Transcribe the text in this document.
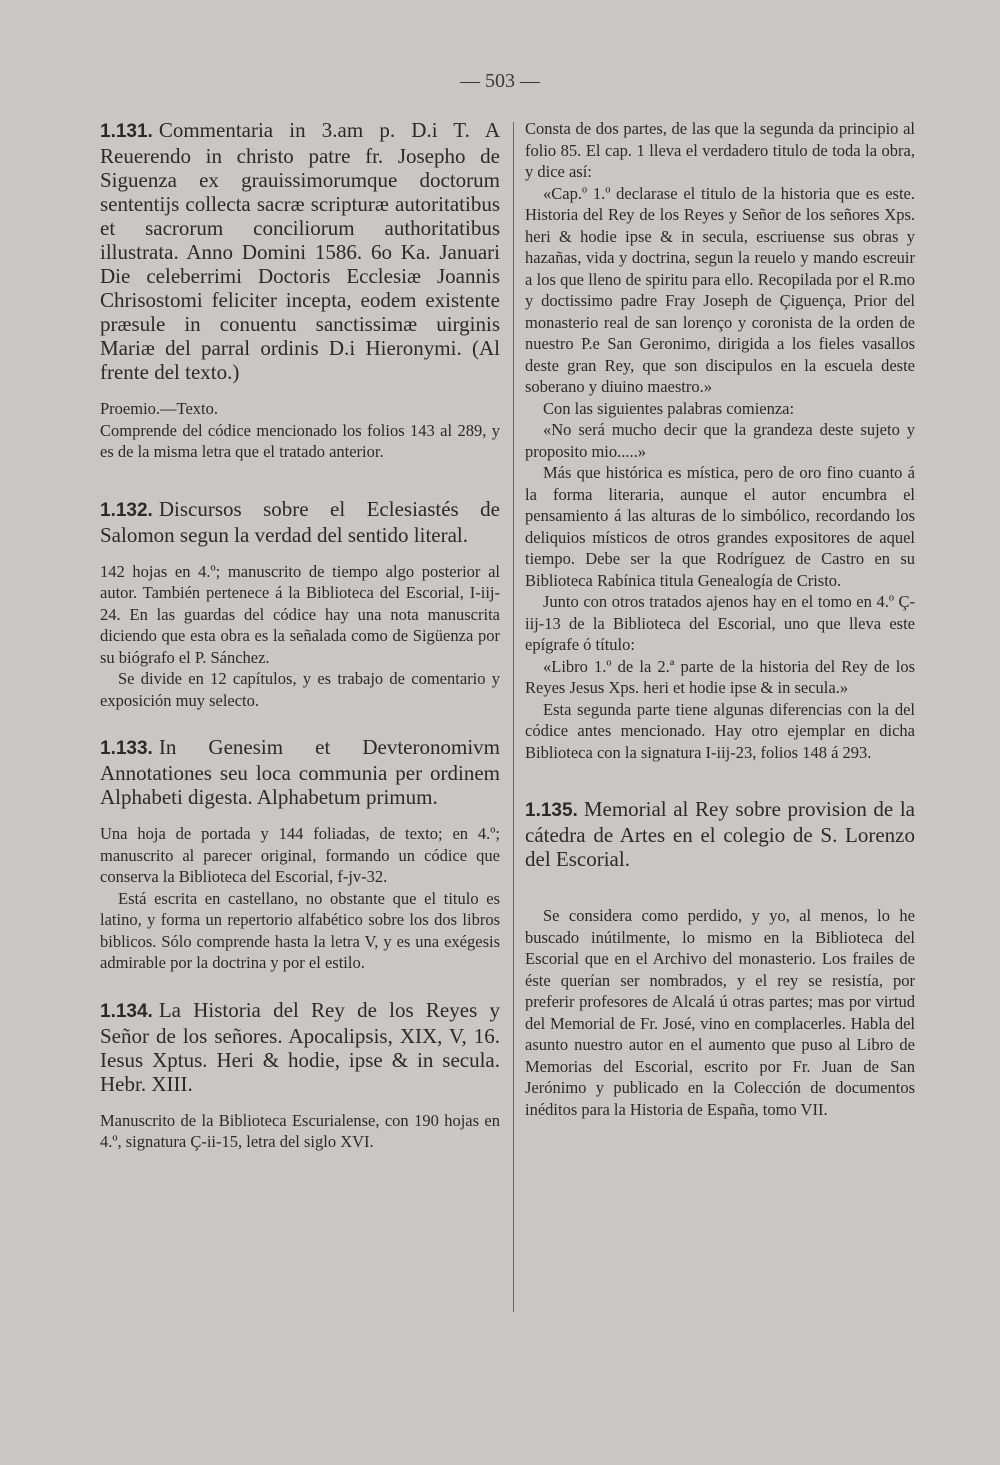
— 503 —

1.131. Commentaria in 3.am p. D.i T. A Reuerendo in christo patre fr. Josepho de Siguenza ex grauissimorumque doctorum sententijs collecta sacræ scripturæ autoritatibus et sacrorum conciliorum authoritatibus illustrata. Anno Domini 1586. 6o Ka. Januari Die celeberrimi Doctoris Ecclesiæ Joannis Chrisostomi feliciter incepta, eodem existente præsule in conuentu sanctissimæ uirginis Mariæ del parral ordinis D.i Hieronymi. (Al frente del texto.)

Proemio.—Texto.

Comprende del códice mencionado los folios 143 al 289, y es de la misma letra que el tratado anterior.

1.132. Discursos sobre el Eclesiastés de Salomon segun la verdad del sentido literal.

142 hojas en 4.º; manuscrito de tiempo algo posterior al autor. También pertenece á la Biblioteca del Escorial, I-iij-24. En las guardas del códice hay una nota manuscrita diciendo que esta obra es la señalada como de Sigüenza por su biógrafo el P. Sánchez.

Se divide en 12 capítulos, y es trabajo de comentario y exposición muy selecto.

1.133. In Genesim et Devteronomivm Annotationes seu loca communia per ordinem Alphabeti digesta. Alphabetum primum.

Una hoja de portada y 144 foliadas, de texto; en 4.º; manuscrito al parecer original, formando un códice que conserva la Biblioteca del Escorial, f-jv-32.

Está escrita en castellano, no obstante que el titulo es latino, y forma un repertorio alfabético sobre los dos libros biblicos. Sólo comprende hasta la letra V, y es una exégesis admirable por la doctrina y por el estilo.

1.134. La Historia del Rey de los Reyes y Señor de los señores. Apocalipsis, XIX, V, 16. Iesus Xptus. Heri & hodie, ipse & in secula. Hebr. XIII.

Manuscrito de la Biblioteca Escurialense, con 190 hojas en 4.º, signatura Ç-ii-15, letra del siglo XVI.

Consta de dos partes, de las que la segunda da principio al folio 85. El cap. 1 lleva el verdadero titulo de toda la obra, y dice así:

«Cap.º 1.º declarase el titulo de la historia que es este. Historia del Rey de los Reyes y Señor de los señores Xps. heri & hodie ipse & in secula, escriuense sus obras y hazañas, vida y doctrina, segun la reuelo y mando escreuir a los que lleno de spiritu para ello. Recopilada por el R.mo y doctissimo padre Fray Joseph de Çiguença, Prior del monasterio real de san lorenço y coronista de la orden de nuestro P.e San Geronimo, dirigida a los fieles vasallos deste gran Rey, que son discipulos en la escuela deste soberano y diuino maestro.»

Con las siguientes palabras comienza:

«No será mucho decir que la grandeza deste sujeto y proposito mio.....»

Más que histórica es mística, pero de oro fino cuanto á la forma literaria, aunque el autor encumbra el pensamiento á las alturas de lo simbólico, recordando los deliquios místicos de otros grandes expositores de aquel tiempo. Debe ser la que Rodríguez de Castro en su Biblioteca Rabínica titula Genealogía de Cristo.

Junto con otros tratados ajenos hay en el tomo en 4.º Ç-iij-13 de la Biblioteca del Escorial, uno que lleva este epígrafe ó título:

«Libro 1.º de la 2.ª parte de la historia del Rey de los Reyes Jesus Xps. heri et hodie ipse & in secula.»

Esta segunda parte tiene algunas diferencias con la del códice antes mencionado. Hay otro ejemplar en dicha Biblioteca con la signatura I-iij-23, folios 148 á 293.

1.135. Memorial al Rey sobre provision de la cátedra de Artes en el colegio de S. Lorenzo del Escorial.

Se considera como perdido, y yo, al menos, lo he buscado inútilmente, lo mismo en la Biblioteca del Escorial que en el Archivo del monasterio. Los frailes de éste querían ser nombrados, y el rey se resistía, por preferir profesores de Alcalá ú otras partes; mas por virtud del Memorial de Fr. José, vino en complacerles. Habla del asunto nuestro autor en el aumento que puso al Libro de Memorias del Escorial, escrito por Fr. Juan de San Jerónimo y publicado en la Colección de documentos inéditos para la Historia de España, tomo VII.
